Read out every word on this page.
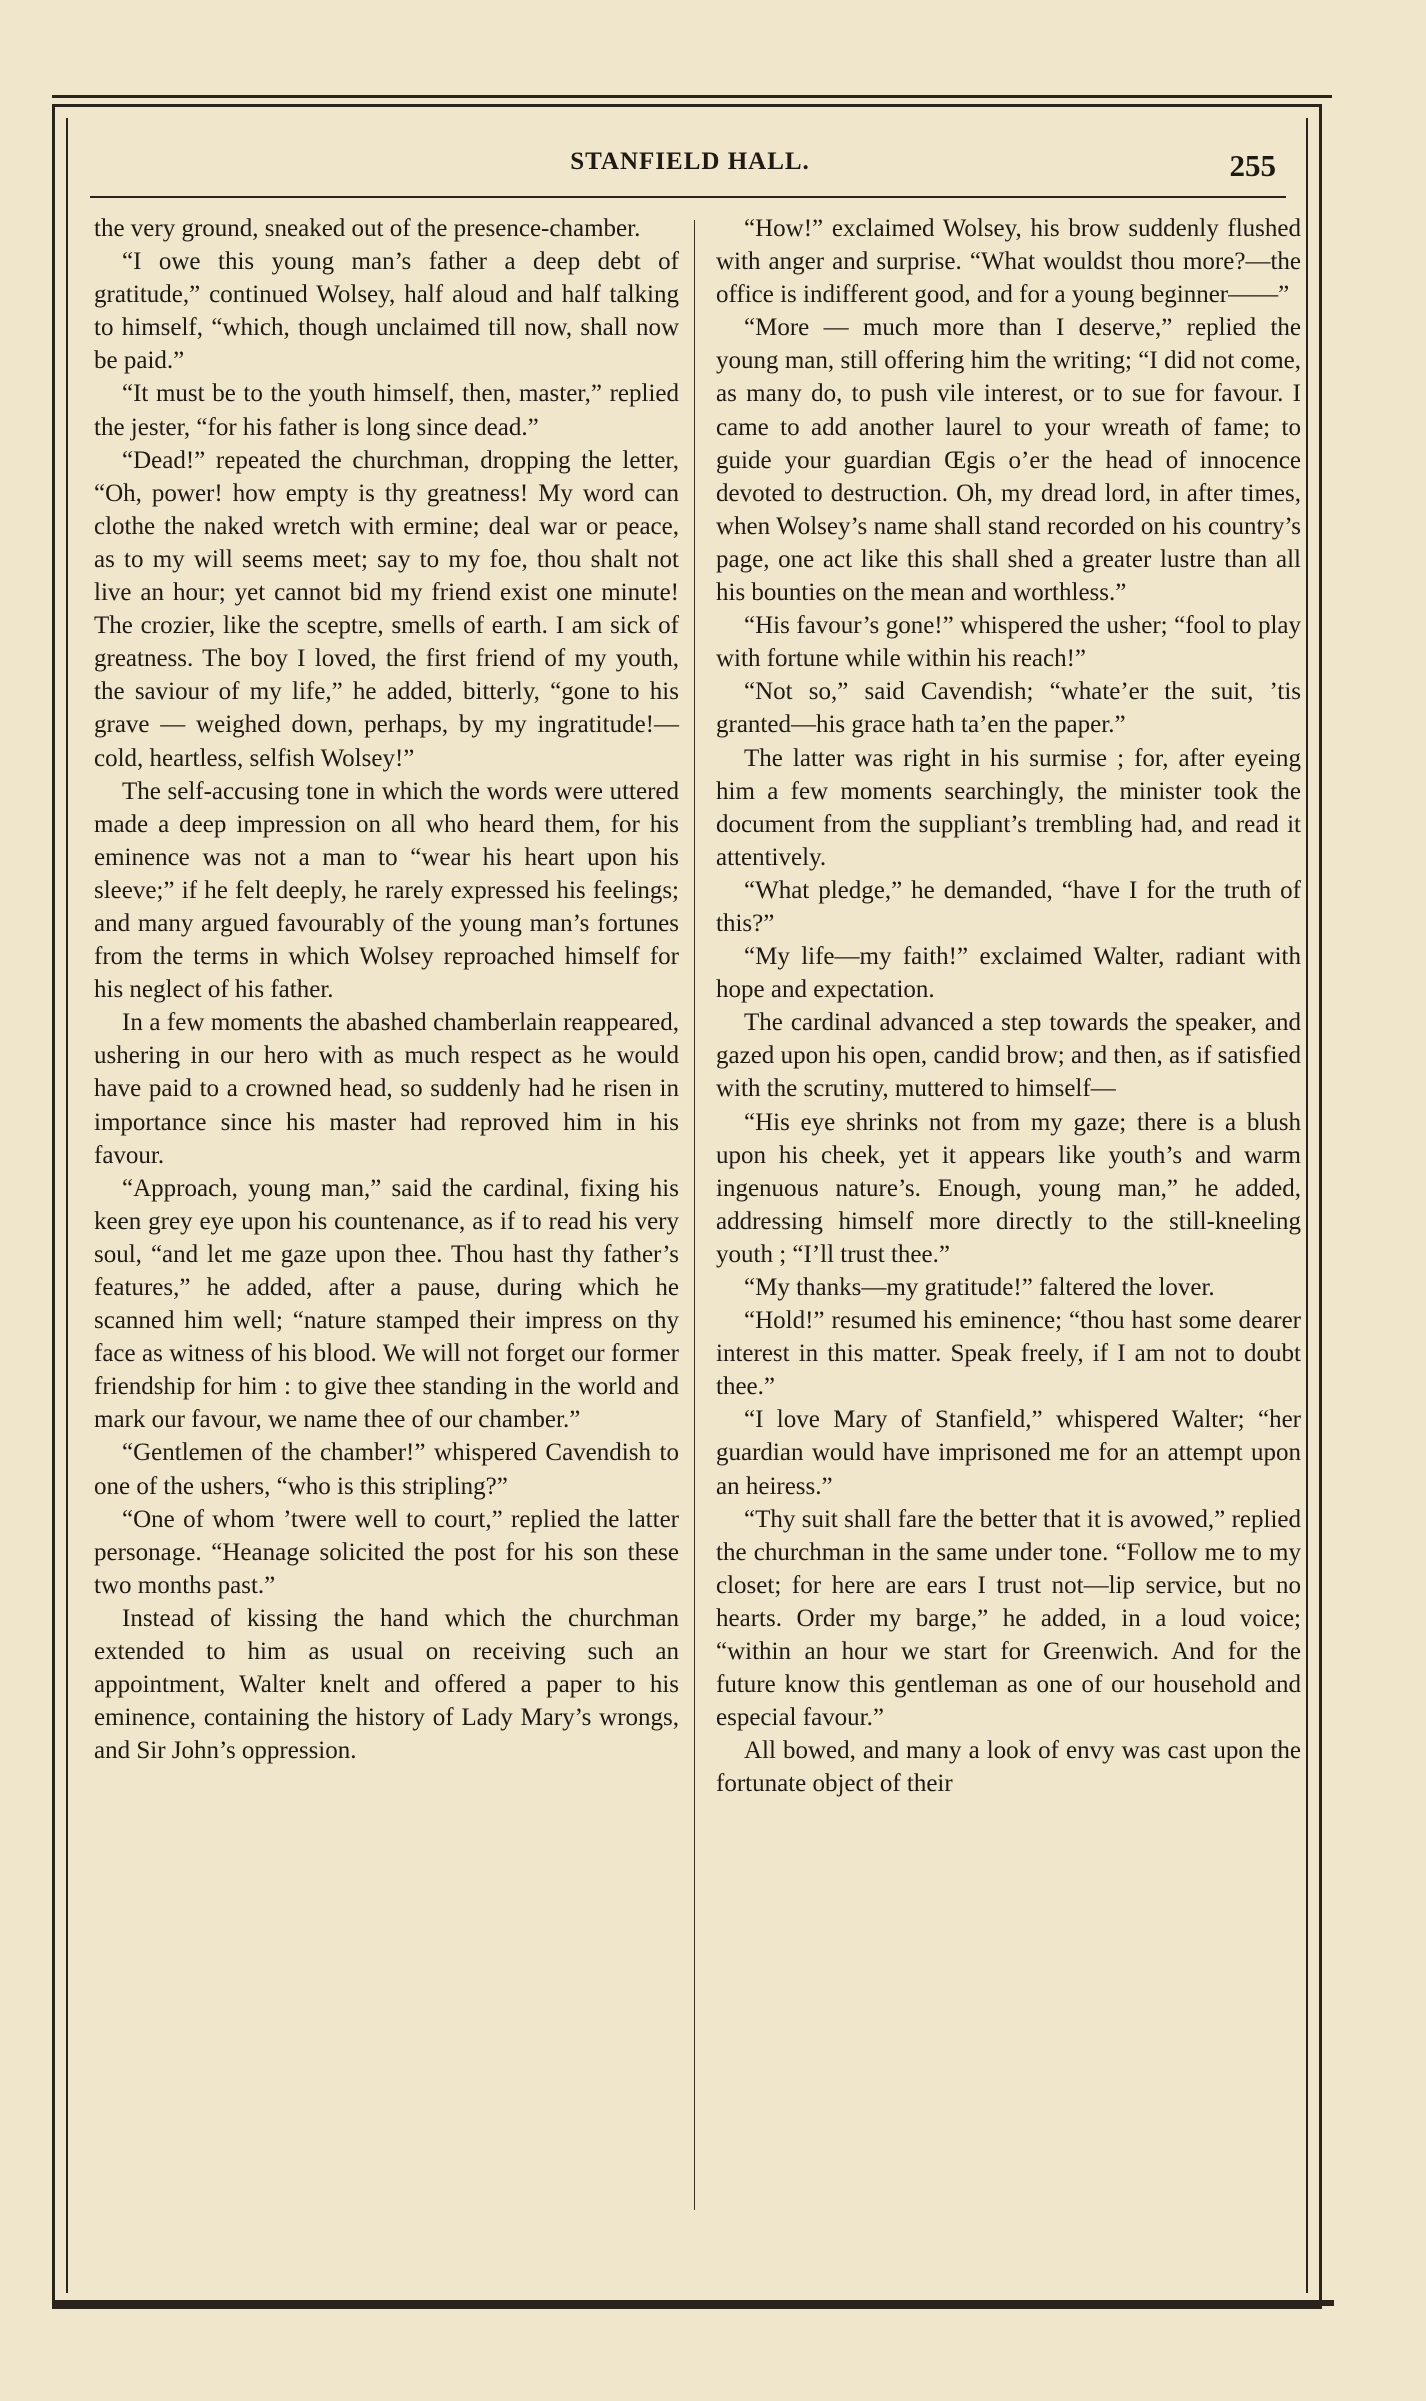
STANFIELD HALL.	255

the very ground, sneaked out of the presence-chamber.

“I owe this young man’s father a deep debt of gratitude,” continued Wolsey, half aloud and half talking to himself, “which, though unclaimed till now, shall now be paid.”

“It must be to the youth himself, then, master,” replied the jester, “for his father is long since dead.”

“Dead!” repeated the churchman, dropping the letter, “Oh, power! how empty is thy greatness! My word can clothe the naked wretch with ermine; deal war or peace, as to my will seems meet; say to my foe, thou shalt not live an hour; yet cannot bid my friend exist one minute! The crozier, like the sceptre, smells of earth. I am sick of greatness. The boy I loved, the first friend of my youth, the saviour of my life,” he added, bitterly, “gone to his grave — weighed down, perhaps, by my ingratitude!— cold, heartless, selfish Wolsey!”

The self-accusing tone in which the words were uttered made a deep impression on all who heard them, for his eminence was not a man to “wear his heart upon his sleeve;” if he felt deeply, he rarely expressed his feelings; and many argued favourably of the young man’s fortunes from the terms in which Wolsey reproached himself for his neglect of his father.

In a few moments the abashed chamberlain reappeared, ushering in our hero with as much respect as he would have paid to a crowned head, so suddenly had he risen in importance since his master had reproved him in his favour.

“Approach, young man,” said the cardinal, fixing his keen grey eye upon his countenance, as if to read his very soul, “and let me gaze upon thee. Thou hast thy father’s features,” he added, after a pause, during which he scanned him well; “nature stamped their impress on thy face as witness of his blood. We will not forget our former friendship for him : to give thee standing in the world and mark our favour, we name thee of our chamber.”

“Gentlemen of the chamber!” whispered Cavendish to one of the ushers, “who is this stripling?”

“One of whom ’twere well to court,” replied the latter personage. “Heanage solicited the post for his son these two months past.”

Instead of kissing the hand which the churchman extended to him as usual on receiving such an appointment, Walter knelt and offered a paper to his eminence, containing the history of Lady Mary’s wrongs, and Sir John’s oppression.

“How!” exclaimed Wolsey, his brow suddenly flushed with anger and surprise. “What wouldst thou more?—the office is indifferent good, and for a young beginner——”

“More — much more than I deserve,” replied the young man, still offering him the writing; “I did not come, as many do, to push vile interest, or to sue for favour. I came to add another laurel to your wreath of fame; to guide your guardian Œgis o’er the head of innocence devoted to destruction. Oh, my dread lord, in after times, when Wolsey’s name shall stand recorded on his country’s page, one act like this shall shed a greater lustre than all his bounties on the mean and worthless.”

“His favour’s gone!” whispered the usher; “fool to play with fortune while within his reach!”

“Not so,” said Cavendish; “whate’er the suit, ’tis granted—his grace hath ta’en the paper.”

The latter was right in his surmise ; for, after eyeing him a few moments searchingly, the minister took the document from the suppliant’s trembling had, and read it attentively.

“What pledge,” he demanded, “have I for the truth of this?”

“My life—my faith!” exclaimed Walter, radiant with hope and expectation.

The cardinal advanced a step towards the speaker, and gazed upon his open, candid brow; and then, as if satisfied with the scrutiny, muttered to himself—

“His eye shrinks not from my gaze; there is a blush upon his cheek, yet it appears like youth’s and warm ingenuous nature’s. Enough, young man,” he added, addressing himself more directly to the still-kneeling youth ; “I’ll trust thee.”

“My thanks—my gratitude!” faltered the lover.

“Hold!” resumed his eminence; “thou hast some dearer interest in this matter. Speak freely, if I am not to doubt thee.”

“I love Mary of Stanfield,” whispered Walter; “her guardian would have imprisoned me for an attempt upon an heiress.”

“Thy suit shall fare the better that it is avowed,” replied the churchman in the same under tone. “Follow me to my closet; for here are ears I trust not—lip service, but no hearts. Order my barge,” he added, in a loud voice; “within an hour we start for Greenwich. And for the future know this gentleman as one of our household and especial favour.”

All bowed, and many a look of envy was cast upon the fortunate object of their
